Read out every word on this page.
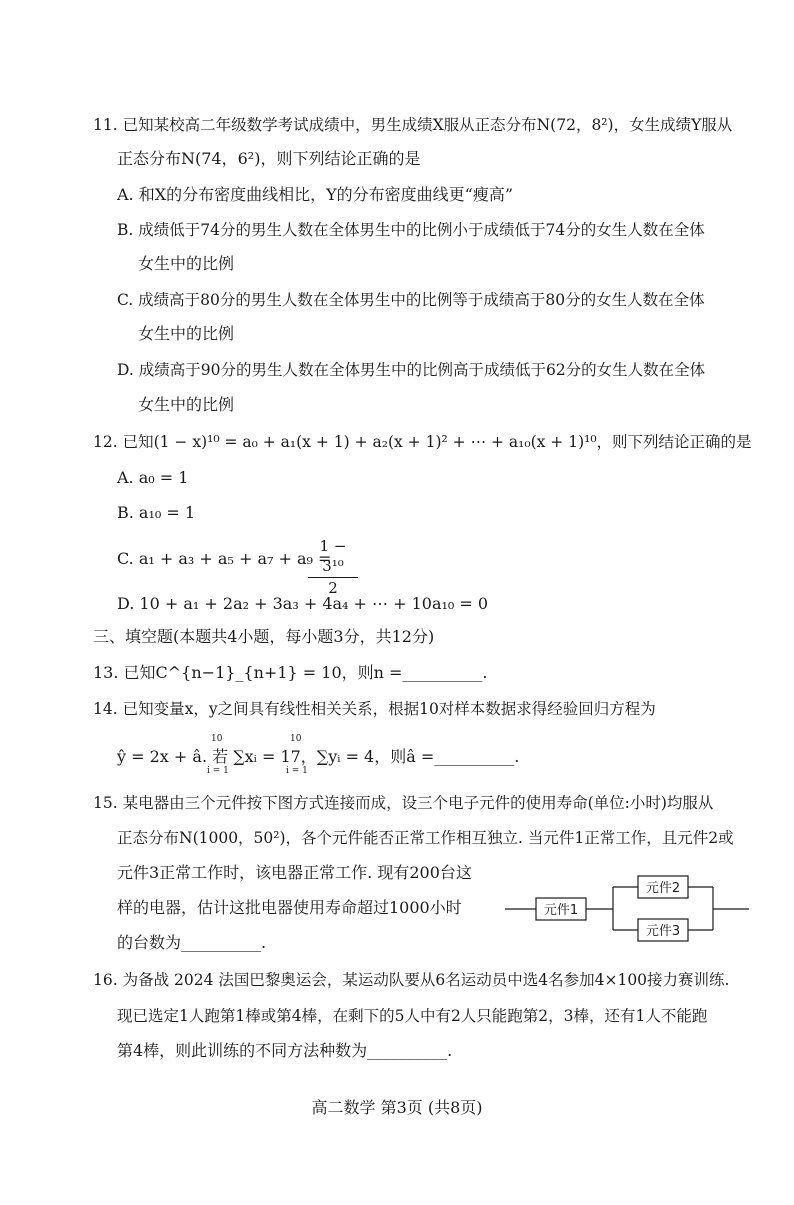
11. 已知某校高二年级数学考试成绩中，男生成绩X服从正态分布N(72，8²)，女生成绩Y服从
正态分布N(74，6²)，则下列结论正确的是
A. 和X的分布密度曲线相比，Y的分布密度曲线更“瘦高”
B. 成绩低于74分的男生人数在全体男生中的比例小于成绩低于74分的女生人数在全体
女生中的比例
C. 成绩高于80分的男生人数在全体男生中的比例等于成绩高于80分的女生人数在全体
女生中的比例
D. 成绩高于90分的男生人数在全体男生中的比例高于成绩低于62分的女生人数在全体
女生中的比例
12. 已知(1 − x)¹⁰ = a₀ + a₁(x + 1) + a₂(x + 1)² + ⋯ + a₁₀(x + 1)¹⁰，则下列结论正确的是
A. a₀ = 1
B. a₁₀ = 1
C. a₁ + a₃ + a₅ + a₇ + a₉ =
$\frac{\text{1 − 3¹⁰}}{2}$
D. 10 + a₁ + 2a₂ + 3a₃ + 4a₄ + ⋯ + 10a₁₀ = 0
三、填空题(本题共4小题，每小题3分，共12分)
13. 已知C^{n−1}_{n+1} = 10，则n =__________.
14. 已知变量x，y之间具有线性相关关系，根据10对样本数据求得经验回归方程为
ŷ = 2x + â. 若 ∑xᵢ = 17，∑yᵢ = 4，则â =__________.
10
i = 1
10
i = 1
15. 某电器由三个元件按下图方式连接而成，设三个电子元件的使用寿命(单位:小时)均服从
正态分布N(1000，50²)，各个元件能否正常工作相互独立. 当元件1正常工作，且元件2或
元件3正常工作时，该电器正常工作. 现有200台这
样的电器，估计这批电器使用寿命超过1000小时
的台数为__________.
元件1
元件2
元件3
16. 为备战 2024 法国巴黎奥运会，某运动队要从6名运动员中选4名参加4×100接力赛训练.
现已选定1人跑第1棒或第4棒，在剩下的5人中有2人只能跑第2，3棒，还有1人不能跑
第4棒，则此训练的不同方法种数为__________.
高二数学 第3页 (共8页)
